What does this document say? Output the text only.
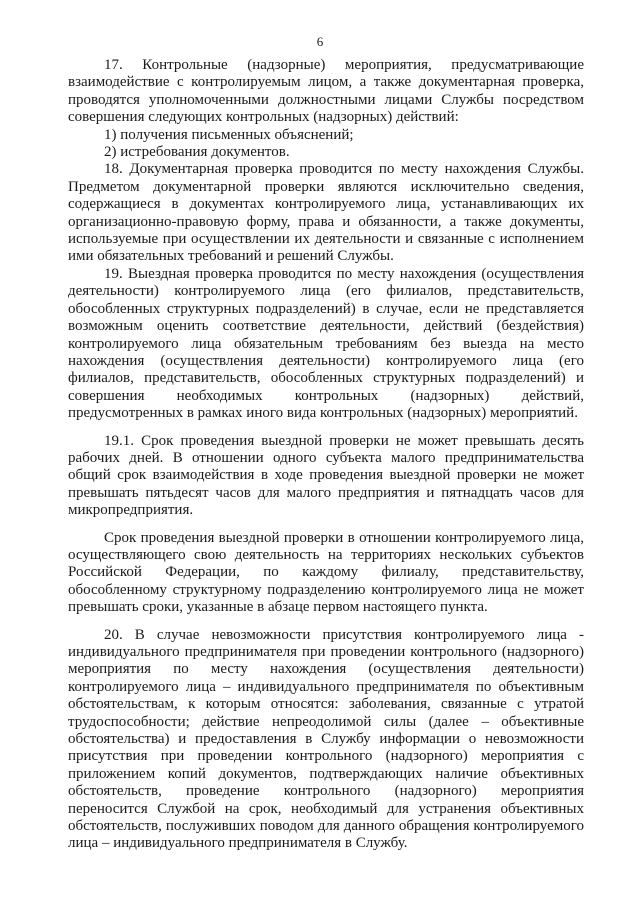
6

17. Контрольные (надзорные) мероприятия, предусматривающие взаимодействие с контролируемым лицом, а также документарная проверка, проводятся уполномоченными должностными лицами Службы посредством совершения следующих контрольных (надзорных) действий:

1) получения письменных объяснений;

2) истребования документов.

18. Документарная проверка проводится по месту нахождения Службы. Предметом документарной проверки являются исключительно сведения, содержащиеся в документах контролируемого лица, устанавливающих их организационно-правовую форму, права и обязанности, а также документы, используемые при осуществлении их деятельности и связанные с исполнением ими обязательных требований и решений Службы.

19. Выездная проверка проводится по месту нахождения (осуществления деятельности) контролируемого лица (его филиалов, представительств, обособленных структурных подразделений) в случае, если не представляется возможным оценить соответствие деятельности, действий (бездействия) контролируемого лица обязательным требованиям без выезда на место нахождения (осуществления деятельности) контролируемого лица (его филиалов, представительств, обособленных структурных подразделений) и совершения необходимых контрольных (надзорных) действий, предусмотренных в рамках иного вида контрольных (надзорных) мероприятий.

19.1. Срок проведения выездной проверки не может превышать десять рабочих дней. В отношении одного субъекта малого предпринимательства общий срок взаимодействия в ходе проведения выездной проверки не может превышать пятьдесят часов для малого предприятия и пятнадцать часов для микропредприятия.

Срок проведения выездной проверки в отношении контролируемого лица, осуществляющего свою деятельность на территориях нескольких субъектов Российской Федерации, по каждому филиалу, представительству, обособленному структурному подразделению контролируемого лица не может превышать сроки, указанные в абзаце первом настоящего пункта.

20. В случае невозможности присутствия контролируемого лица - индивидуального предпринимателя при проведении контрольного (надзорного) мероприятия по месту нахождения (осуществления деятельности) контролируемого лица – индивидуального предпринимателя по объективным обстоятельствам, к которым относятся: заболевания, связанные с утратой трудоспособности; действие непреодолимой силы (далее – объективные обстоятельства) и предоставления в Службу информации о невозможности присутствия при проведении контрольного (надзорного) мероприятия с приложением копий документов, подтверждающих наличие объективных обстоятельств, проведение контрольного (надзорного) мероприятия переносится Службой на срок, необходимый для устранения объективных обстоятельств, послуживших поводом для данного обращения контролируемого лица – индивидуального предпринимателя в Службу.
